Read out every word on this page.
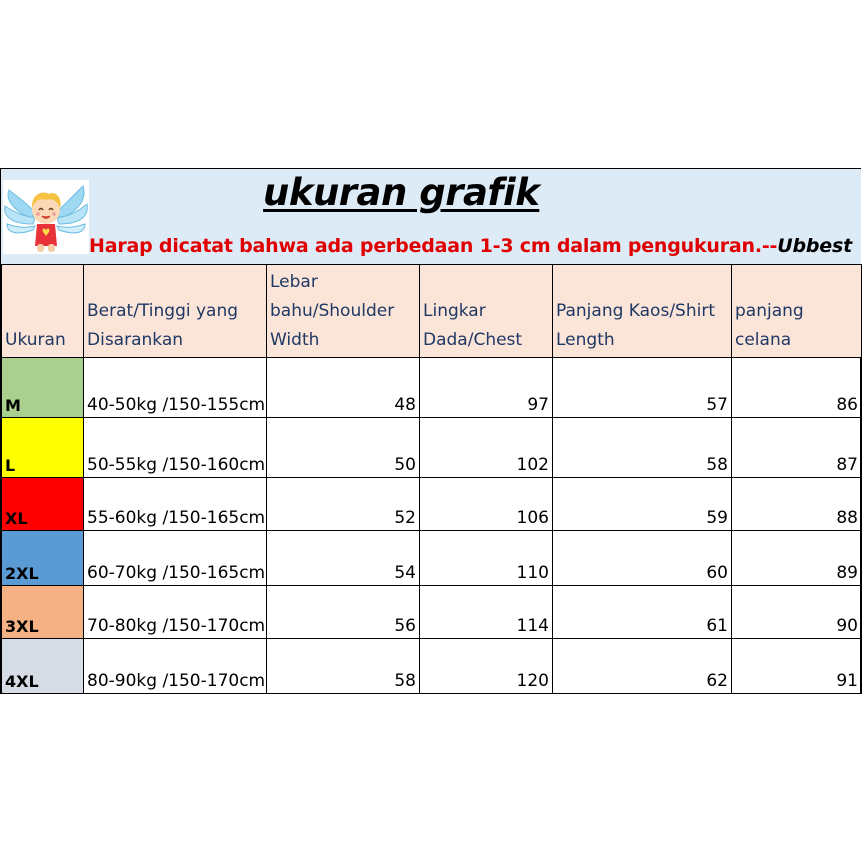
ukuran grafik
Harap dicatat bahwa ada perbedaan 1-3 cm dalam pengukuran.--Ubbest
Ukuran	Berat/Tinggi yang Disarankan	Lebar bahu/Shoulder Width	Lingkar Dada/Chest	Panjang Kaos/Shirt Length	panjang celana
M	40-50kg /150-155cm	48	97	57	86
L	50-55kg /150-160cm	50	102	58	87
XL	55-60kg /150-165cm	52	106	59	88
2XL	60-70kg /150-165cm	54	110	60	89
3XL	70-80kg /150-170cm	56	114	61	90
4XL	80-90kg /150-170cm	58	120	62	91
